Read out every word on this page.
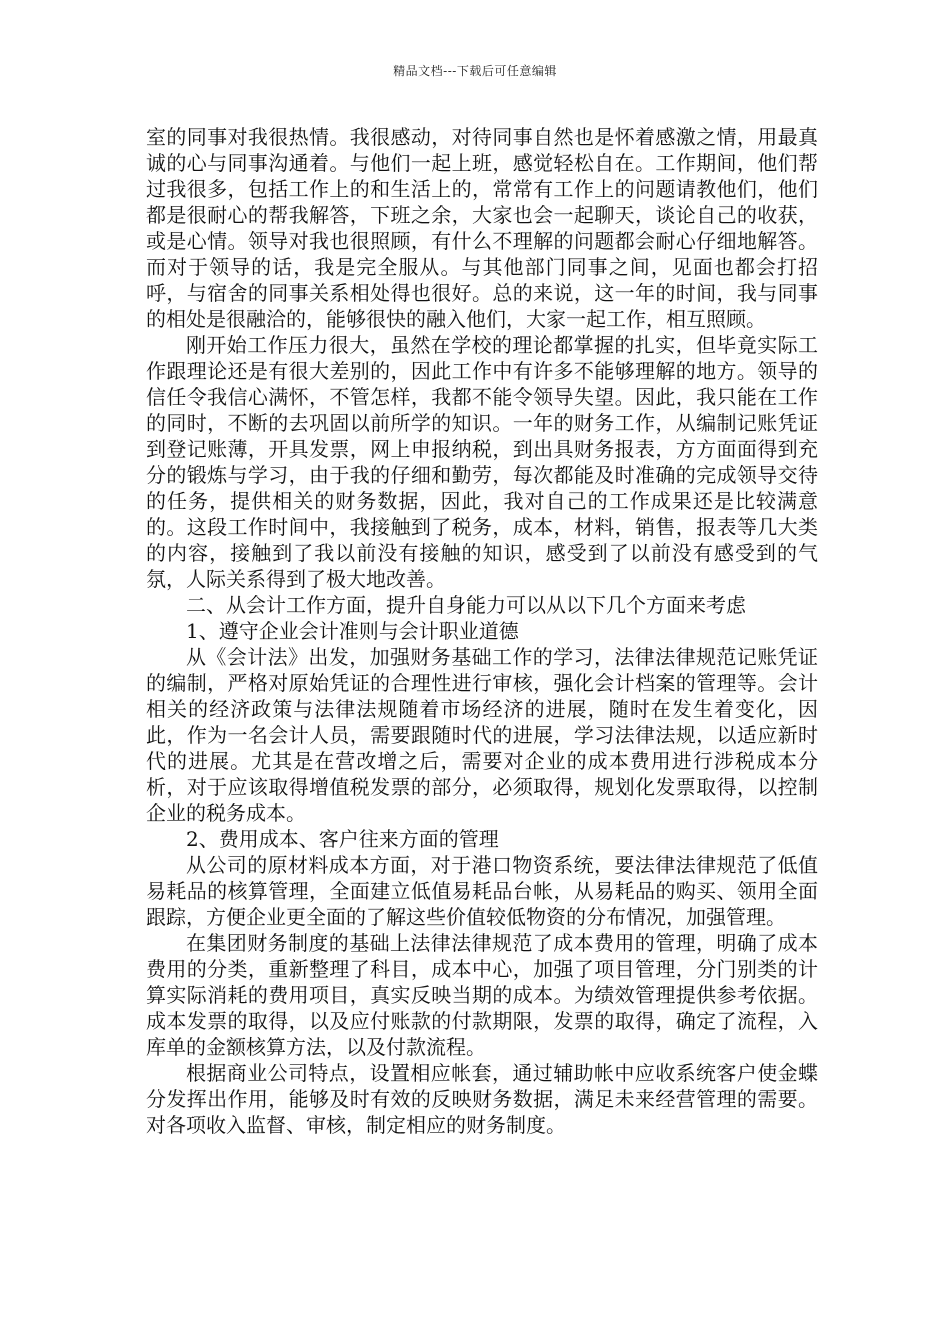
精品文档---下载后可任意编辑

室的同事对我很热情。我很感动，对待同事自然也是怀着感激之情，用最真诚的心与同事沟通着。与他们一起上班，感觉轻松自在。工作期间，他们帮过我很多，包括工作上的和生活上的，常常有工作上的问题请教他们，他们都是很耐心的帮我解答，下班之余，大家也会一起聊天，谈论自己的收获，或是心情。领导对我也很照顾，有什么不理解的问题都会耐心仔细地解答。而对于领导的话，我是完全服从。与其他部门同事之间，见面也都会打招呼，与宿舍的同事关系相处得也很好。总的来说，这一年的时间，我与同事的相处是很融洽的，能够很快的融入他们，大家一起工作，相互照顾。

刚开始工作压力很大，虽然在学校的理论都掌握的扎实，但毕竟实际工作跟理论还是有很大差别的，因此工作中有许多不能够理解的地方。领导的信任令我信心满怀，不管怎样，我都不能令领导失望。因此，我只能在工作的同时，不断的去巩固以前所学的知识。一年的财务工作，从编制记账凭证到登记账薄，开具发票，网上申报纳税，到出具财务报表，方方面面得到充分的锻炼与学习，由于我的仔细和勤劳，每次都能及时准确的完成领导交待的任务，提供相关的财务数据，因此，我对自己的工作成果还是比较满意的。这段工作时间中，我接触到了税务，成本，材料，销售，报表等几大类的内容，接触到了我以前没有接触的知识，感受到了以前没有感受到的气氛，人际关系得到了极大地改善。

二、从会计工作方面，提升自身能力可以从以下几个方面来考虑

1、遵守企业会计准则与会计职业道德

从《会计法》出发，加强财务基础工作的学习，法律法律规范记账凭证的编制，严格对原始凭证的合理性进行审核，强化会计档案的管理等。会计相关的经济政策与法律法规随着市场经济的进展，随时在发生着变化，因此，作为一名会计人员，需要跟随时代的进展，学习法律法规，以适应新时代的进展。尤其是在营改增之后，需要对企业的成本费用进行涉税成本分析，对于应该取得增值税发票的部分，必须取得，规划化发票取得，以控制企业的税务成本。

2、费用成本、客户往来方面的管理

从公司的原材料成本方面，对于港口物资系统，要法律法律规范了低值易耗品的核算管理，全面建立低值易耗品台帐，从易耗品的购买、领用全面跟踪，方便企业更全面的了解这些价值较低物资的分布情况，加强管理。

在集团财务制度的基础上法律法律规范了成本费用的管理，明确了成本费用的分类，重新整理了科目，成本中心，加强了项目管理，分门别类的计算实际消耗的费用项目，真实反映当期的成本。为绩效管理提供参考依据。成本发票的取得，以及应付账款的付款期限，发票的取得，确定了流程，入库单的金额核算方法，以及付款流程。

根据商业公司特点，设置相应帐套，通过辅助帐中应收系统客户使金蝶分发挥出作用，能够及时有效的反映财务数据，满足未来经营管理的需要。对各项收入监督、审核，制定相应的财务制度。
